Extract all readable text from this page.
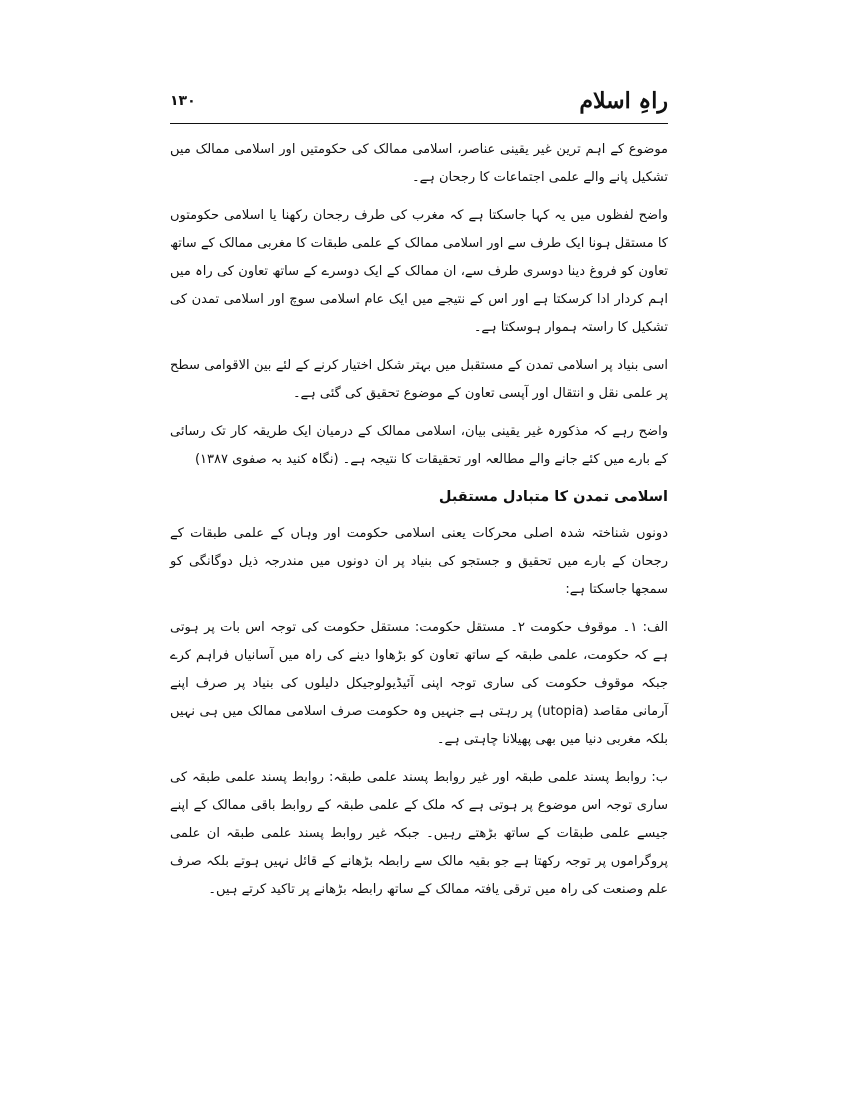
راہِ اسلام
۱۳۰

موضوع کے اہم ترین غیر یقینی عناصر، اسلامی ممالک کی حکومتیں اور اسلامی ممالک میں تشکیل پانے والے علمی اجتماعات کا رجحان ہے۔

واضح لفظوں میں یہ کہا جاسکتا ہے کہ مغرب کی طرف رجحان رکھنا یا اسلامی حکومتوں کا مستقل ہونا ایک طرف سے اور اسلامی ممالک کے علمی طبقات کا مغربی ممالک کے ساتھ تعاون کو فروغ دینا دوسری طرف سے، ان ممالک کے ایک دوسرے کے ساتھ تعاون کی راہ میں اہم کردار ادا کرسکتا ہے اور اس کے نتیجے میں ایک عام اسلامی سوچ اور اسلامی تمدن کی تشکیل کا راستہ ہموار ہوسکتا ہے۔

اسی بنیاد پر اسلامی تمدن کے مستقبل میں بہتر شکل اختیار کرنے کے لئے بین الاقوامی سطح پر علمی نقل و انتقال اور آپسی تعاون کے موضوع تحقیق کی گئی ہے۔

واضح رہے کہ مذکورہ غیر یقینی بیان، اسلامی ممالک کے درمیان ایک طریقہ کار تک رسائی کے بارے میں کئے جانے والے مطالعہ اور تحقیقات کا نتیجہ ہے۔ (نگاہ کنید بہ صفوی ۱۳۸۷)

اسلامی تمدن کا متبادل مستقبل

دونوں شناختہ شدہ اصلی محرکات یعنی اسلامی حکومت اور وہاں کے علمی طبقات کے رجحان کے بارے میں تحقیق و جستجو کی بنیاد پر ان دونوں میں مندرجہ ذیل دوگانگی کو سمجھا جاسکتا ہے:

الف: ۱۔ موقوف حکومت ۲۔ مستقل حکومت: مستقل حکومت کی توجہ اس بات پر ہوتی ہے کہ حکومت، علمی طبقہ کے ساتھ تعاون کو بڑھاوا دینے کی راہ میں آسانیاں فراہم کرے جبکہ موقوف حکومت کی ساری توجہ اپنی آئیڈیولوجیکل دلیلوں کی بنیاد پر صرف اپنے آرمانی مقاصد (utopia) پر رہتی ہے جنہیں وہ حکومت صرف اسلامی ممالک میں ہی نہیں بلکہ مغربی دنیا میں بھی پھیلانا چاہتی ہے۔

ب: روابط پسند علمی طبقہ اور غیر روابط پسند علمی طبقہ: روابط پسند علمی طبقہ کی ساری توجہ اس موضوع پر ہوتی ہے کہ ملک کے علمی طبقہ کے روابط باقی ممالک کے اپنے جیسے علمی طبقات کے ساتھ بڑھتے رہیں۔ جبکہ غیر روابط پسند علمی طبقہ ان علمی پروگراموں پر توجہ رکھتا ہے جو بقیہ مالک سے رابطہ بڑھانے کے قائل نہیں ہوتے بلکہ صرف علم وصنعت کی راہ میں ترقی یافتہ ممالک کے ساتھ رابطہ بڑھانے پر تاکید کرتے ہیں۔
